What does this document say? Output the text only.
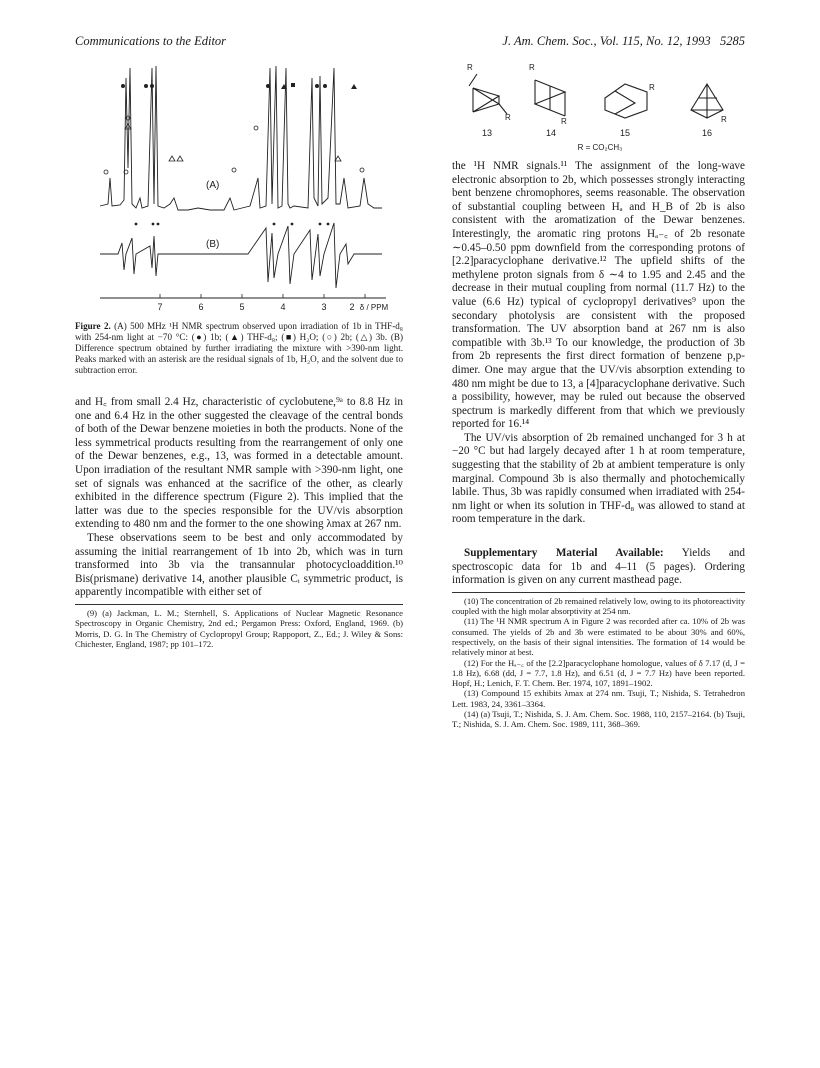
Communications to the Editor	J. Am. Chem. Soc., Vol. 115, No. 12, 1993 5285
(A)
(B)
7	6	5	4	3	2 δ / PPM

Figure 2. (A) 500 MHz ¹H NMR spectrum observed upon irradiation of 1b in THF-d₈ with 254-nm light at −70 °C: (●) 1b; (▲) THF-d₈; (■) H₂O; (○) 2b; (△) 3b. (B) Difference spectrum obtained by further irradiating the mixture with >390-nm light. Peaks marked with an asterisk are the residual signals of 1b, H₂O, and the solvent due to subtraction error.

and H꜀ from small 2.4 Hz, characteristic of cyclobutene,⁹ᵃ to 8.8 Hz in one and 6.4 Hz in the other suggested the cleavage of the central bonds of both of the Dewar benzene moieties in both the products. None of the less symmetrical products resulting from the rearrangement of only one of the Dewar benzenes, e.g., 13, was formed in a detectable amount. Upon irradiation of the resultant NMR sample with >390-nm light, one set of signals was enhanced at the sacrifice of the other, as clearly exhibited in the difference spectrum (Figure 2). This implied that the latter was due to the species responsible for the UV/vis absorption extending to 480 nm and the former to the one showing λmax at 267 nm.

These observations seem to be best and only accommodated by assuming the initial rearrangement of 1b into 2b, which was in turn transformed into 3b via the transannular photocycloaddition.¹⁰ Bis(prismane) derivative 14, another plausible Cᵢ symmetric product, is apparently incompatible with either set of

(9) (a) Jackman, L. M.; Sternhell, S. Applications of Nuclear Magnetic Resonance Spectroscopy in Organic Chemistry, 2nd ed.; Pergamon Press: Oxford, England, 1969. (b) Morris, D. G. In The Chemistry of Cyclopropyl Group; Rappoport, Z., Ed.; J. Wiley & Sons: Chichester, England, 1987; pp 101–172.

R
R
R
R
R
R
13	14	15	16
R = CO₂CH₃

the ¹H NMR signals.¹¹ The assignment of the long-wave electronic absorption to 2b, which possesses strongly interacting bent benzene chromophores, seems reasonable. The observation of substantial coupling between Hₐ and H_B of 2b is also consistent with the aromatization of the Dewar benzenes. Interestingly, the aromatic ring protons Hₐ₋꜀ of 2b resonate ∼0.45–0.50 ppm downfield from the corresponding protons of [2.2]paracyclophane derivative.¹² The upfield shifts of the methylene proton signals from δ ∼4 to 1.95 and 2.45 and the decrease in their mutual coupling from normal (11.7 Hz) to the value (6.6 Hz) typical of cyclopropyl derivatives⁹ upon the secondary photolysis are consistent with the proposed transformation. The UV absorption band at 267 nm is also compatible with 3b.¹³ To our knowledge, the production of 3b from 2b represents the first direct formation of benzene p,p-dimer. One may argue that the UV/vis absorption extending to 480 nm might be due to 13, a [4]paracyclophane derivative. Such a possibility, however, may be ruled out because the observed spectrum is markedly different from that which we previously reported for 16.¹⁴

The UV/vis absorption of 2b remained unchanged for 3 h at −20 °C but had largely decayed after 1 h at room temperature, suggesting that the stability of 2b at ambient temperature is only marginal. Compound 3b is also thermally and photochemically labile. Thus, 3b was rapidly consumed when irradiated with 254-nm light or when its solution in THF-d₈ was allowed to stand at room temperature in the dark.

Supplementary Material Available: Yields and spectroscopic data for 1b and 4–11 (5 pages). Ordering information is given on any current masthead page.

(10) The concentration of 2b remained relatively low, owing to its photoreactivity coupled with the high molar absorptivity at 254 nm.

(11) The ¹H NMR spectrum A in Figure 2 was recorded after ca. 10% of 2b was consumed. The yields of 2b and 3b were estimated to be about 30% and 60%, respectively, on the basis of their signal intensities. The formation of 14 would be relatively minor at best.

(12) For the Hₐ₋꜀ of the [2.2]paracyclophane homologue, values of δ 7.17 (d, J = 1.8 Hz), 6.68 (dd, J = 7.7, 1.8 Hz), and 6.51 (d, J = 7.7 Hz) have been reported. Hopf, H.; Lenich, F. T. Chem. Ber. 1974, 107, 1891–1902.

(13) Compound 15 exhibits λmax at 274 nm. Tsuji, T.; Nishida, S. Tetrahedron Lett. 1983, 24, 3361–3364.

(14) (a) Tsuji, T.; Nishida, S. J. Am. Chem. Soc. 1988, 110, 2157–2164. (b) Tsuji, T.; Nishida, S. J. Am. Chem. Soc. 1989, 111, 368–369.
